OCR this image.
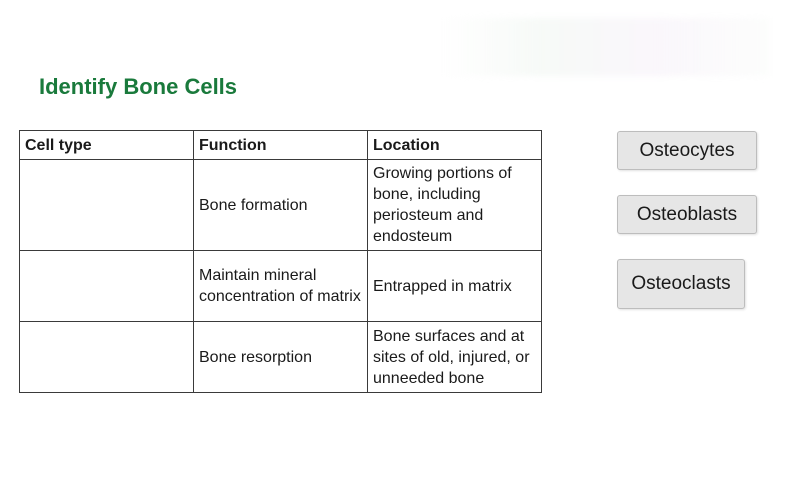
Identify Bone Cells
Cell type	Function	Location
	Bone formation	Growing portions of bone, including periosteum and endosteum
	Maintain mineral concentration of matrix	Entrapped in matrix
	Bone resorption	Bone surfaces and at sites of old, injured, or unneeded bone
Osteocytes
Osteoblasts
Osteoclasts
